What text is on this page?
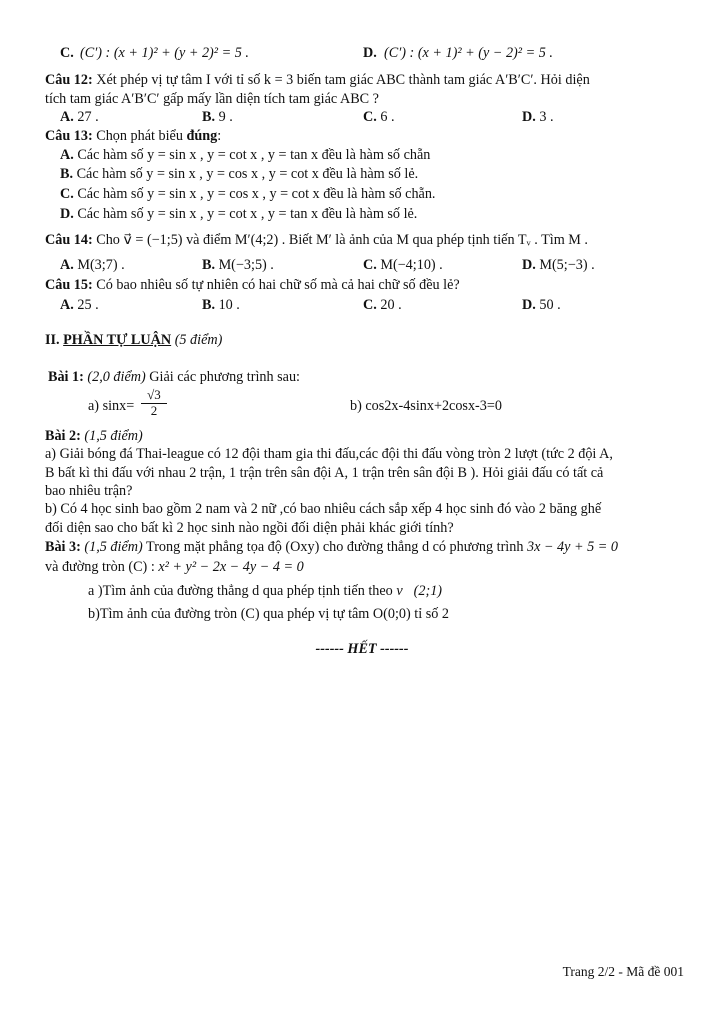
C. (C′) : (x + 1)² + (y + 2)² = 5 .	D. (C′) : (x + 1)² + (y − 2)² = 5 .
Câu 12: Xét phép vị tự tâm I với tỉ số k = 3 biến tam giác ABC thành tam giác A′B′C′. Hỏi diện
tích tam giác A′B′C′ gấp mấy lần diện tích tam giác ABC ?
A. 27 .	B. 9 .	C. 6 .	D. 3 .
Câu 13: Chọn phát biểu đúng:
A. Các hàm số y = sin x , y = cot x , y = tan x đều là hàm số chẵn
B. Các hàm số y = sin x , y = cos x , y = cot x đều là hàm số lẻ.
C. Các hàm số y = sin x , y = cos x , y = cot x đều là hàm số chẵn.
D. Các hàm số y = sin x , y = cot x , y = tan x đều là hàm số lẻ.
Câu 14: Cho v⃗ = (−1;5) và điểm M′(4;2) . Biết M′ là ảnh của M qua phép tịnh tiến Tᵥ . Tìm M .
A. M(3;7) .	B. M(−3;5) .	C. M(−4;10) .	D. M(5;−3) .
Câu 15: Có bao nhiêu số tự nhiên có hai chữ số mà cả hai chữ số đều lẻ?
A. 25 .	B. 10 .	C. 20 .	D. 50 .
II. PHẦN TỰ LUẬN (5 điểm)
Bài 1: (2,0 điểm) Giải các phương trình sau:
a) $\sin x= \frac{√3}{2}$	b) cos2x-4sinx+2cosx-3=0
Bài 2: (1,5 điểm)
a) Giải bóng đá Thai-league có 12 đội tham gia thi đấu,các đội thi đấu vòng tròn 2 lượt (tức 2 đội A,
B bất kì thi đấu với nhau 2 trận, 1 trận trên sân đội A, 1 trận trên sân đội B ). Hỏi giải đấu có tất cả
bao nhiêu trận?
b) Có 4 học sinh bao gồm 2 nam và 2 nữ ,có bao nhiêu cách sắp xếp 4 học sinh đó vào 2 băng ghế
đối diện sao cho bất kì 2 học sinh nào ngồi đối diện phải khác giới tính?
Bài 3: (1,5 điểm) Trong mặt phẳng tọa độ (Oxy) cho đường thẳng d có phương trình 3x − 4y + 5 = 0
và đường tròn (C) : x² + y² − 2x − 4y − 4 = 0
a )Tìm ảnh của đường thẳng d qua phép tịnh tiến theo v⃗(2;1)
b)Tìm ảnh của đường tròn (C) qua phép vị tự tâm O(0;0) tỉ số 2
------ HẾT ------
Trang 2/2 - Mã đề 001
